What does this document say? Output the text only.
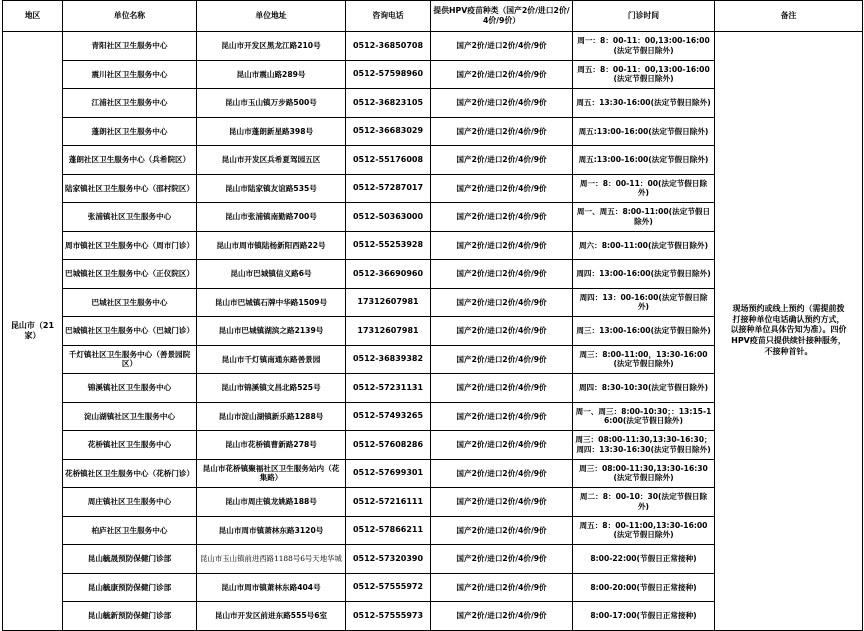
地区	单位名称	单位地址	咨询电话	提供HPV疫苗种类（国产2价/进口2价/4价/9价）	门诊时间	备注
昆山市（21家）	青阳社区卫生服务中心	昆山市开发区黑龙江路210号	0512-36850708	国产2价/进口2价/4价/9价	周一：8：00-11：00,13:00-16:00(法定节假日除外)	现场预约或线上预约（需提前拨打接种单位电话确认预约方式，以接种单位具体告知为准）。四价HPV疫苗只提供续针接种服务，不接种首针。
	震川社区卫生服务中心	昆山市震山路289号	0512-57598960	国产2价/进口2价/4价/9价	周五：8：00-11：00,13:00-16:00(法定节假日除外)	
	江浦社区卫生服务中心	昆山市玉山镇万步路500号	0512-36823105	国产2价/进口2价/4价/9价	周五：13:30-16:00(法定节假日除外)	
	蓬朗社区卫生服务中心	昆山市蓬朗新星路398号	0512-36683029	国产2价/进口2价/4价/9价	周五:13:00-16:00(法定节假日除外)	
	蓬朗社区卫生服务中心（兵希院区）	昆山市开发区兵希夏驾园五区	0512-55176008	国产2价/进口2价/4价/9价	周五:13:00-16:00(法定节假日除外)	
	陆家镇社区卫生服务中心（邵村院区）	昆山市陆家镇友谊路535号	0512-57287017	国产2价/进口2价/4价/9价	周一：8：00-11：00(法定节假日除外)	
	张浦镇社区卫生服务中心	昆山市张浦镇南勤路700号	0512-50363000	国产2价/进口2价/4价/9价	周一、周五：8:00-11:00(法定节假日除外)	
	周市镇社区卫生服务中心（周市门诊）	昆山市周市镇陆杨新阳西路22号	0512-55253928	国产2价/进口2价/4价/9价	周六：8:00-11:00(法定节假日除外)	
	巴城镇社区卫生服务中心（正仪院区）	昆山市巴城镇信义路6号	0512-36690960	国产2价/进口2价/4价/9价	周四：13:00-16:00(法定节假日除外)	
	巴城社区卫生服务中心	昆山市巴城镇石牌中华路1509号	17312607981	国产2价/进口2价/4价/9价	周四：13：00-16:00(法定节假日除外)	
	巴城镇社区卫生服务中心（巴城门诊）	昆山市巴城镇湖滨之路2139号	17312607981	国产2价/进口2价/4价/9价	周三：13:00-16:00(法定节假日除外)	
	千灯镇社区卫生服务中心（善景园院区）	昆山市千灯镇南通东路善景园	0512-36839382	国产2价/进口2价/4价/9价	周三：8:00-11:00，13:30-16:00(法定节假日除外)	
	锦溪镇社区卫生服务中心	昆山市锦溪镇文昌北路525号	0512-57231131	国产2价/进口2价/4价/9价	周四：8:30-10:30(法定节假日除外)	
	淀山湖镇社区卫生服务中心	昆山市淀山湖镇新乐路1288号	0512-57493265	国产2价/进口2价/4价/9价	周一、周三：8:00-10:30；：13:15-16:00(法定节假日除外)	
	花桥镇社区卫生服务中心	昆山市花桥镇曹新路278号	0512-57608286	国产2价/进口2价/4价/9价	周三：08:00-11:30,13:30-16:30；周四：13:30-16:30(法定节假日除外)	
	花桥镇社区卫生服务中心（花桥门诊）	昆山市花桥镇聚福社区卫生服务站内（花集路）	0512-57699301	国产2价/进口2价/4价/9价	周三：08:00-11:30,13:30-16:30 (法定节假日除外)	
	周庄镇社区卫生服务中心	昆山市周庄镇龙姚路188号	0512-57216111	国产2价/进口2价/4价/9价	周二：8：00-10：30(法定节假日除外)	
	柏庐社区卫生服务中心	昆山市周市镇萧林东路3120号	0512-57866211	国产2价/进口2价/4价/9价	周五：8：00-11:00,13:30-16:00(法定节假日除外)	
	昆山毓晟预防保健门诊部	昆山市玉山镇前进西路1188号6号天地华城	0512-57320390	国产2价/进口2价/4价/9价	8:00-22:00(节假日正常接种)	
	昆山毓康预防保健门诊部	昆山市周市镇萧林东路404号	0512-57555972	国产2价/进口2价/4价/9价	8:00-20:00(节假日正常接种)	
	昆山毓新预防保健门诊部	昆山市开发区前进东路555号6室	0512-57555973	国产2价/进口2价/4价/9价	8:00-17:00(节假日正常接种)	
